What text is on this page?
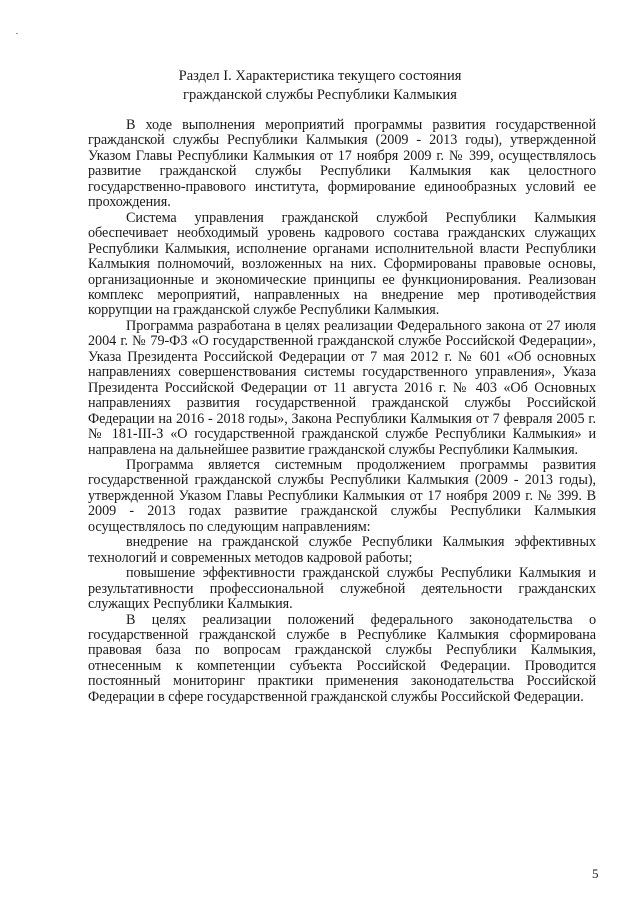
Раздел I. Характеристика текущего состояния
гражданской службы Республики Калмыкия

В ходе выполнения мероприятий программы развития государственной гражданской службы Республики Калмыкия (2009 - 2013 годы), утвержденной Указом Главы Республики Калмыкия от 17 ноября 2009 г. № 399, осуществлялось развитие гражданской службы Республики Калмыкия как целостного государственно-правового института, формирование единообразных условий ее прохождения.

Система управления гражданской службой Республики Калмыкия обеспечивает необходимый уровень кадрового состава гражданских служащих Республики Калмыкия, исполнение органами исполнительной власти Республики Калмыкия полномочий, возложенных на них. Сформированы правовые основы, организационные и экономические принципы ее функционирования. Реализован комплекс мероприятий, направленных на внедрение мер противодействия коррупции на гражданской службе Республики Калмыкия.

Программа разработана в целях реализации Федерального закона от 27 июля 2004 г. № 79-ФЗ «О государственной гражданской службе Российской Федерации», Указа Президента Российской Федерации от 7 мая 2012 г. № 601 «Об основных направлениях совершенствования системы государственного управления», Указа Президента Российской Федерации от 11 августа 2016 г. № 403 «Об Основных направлениях развития государственной гражданской службы Российской Федерации на 2016 - 2018 годы», Закона Республики Калмыкия от 7 февраля 2005 г. № 181-III-З «О государственной гражданской службе Республики Калмыкия» и направлена на дальнейшее развитие гражданской службы Республики Калмыкия.

Программа является системным продолжением программы развития государственной гражданской службы Республики Калмыкия (2009 - 2013 годы), утвержденной Указом Главы Республики Калмыкия от 17 ноября 2009 г. № 399. В 2009 - 2013 годах развитие гражданской службы Республики Калмыкия осуществлялось по следующим направлениям:

внедрение на гражданской службе Республики Калмыкия эффективных технологий и современных методов кадровой работы;

повышение эффективности гражданской службы Республики Калмыкия и результативности профессиональной служебной деятельности гражданских служащих Республики Калмыкия.

В целях реализации положений федерального законодательства о государственной гражданской службе в Республике Калмыкия сформирована правовая база по вопросам гражданской службы Республики Калмыкия, отнесенным к компетенции субъекта Российской Федерации. Проводится постоянный мониторинг практики применения законодательства Российской Федерации в сфере государственной гражданской службы Российской Федерации.

5
